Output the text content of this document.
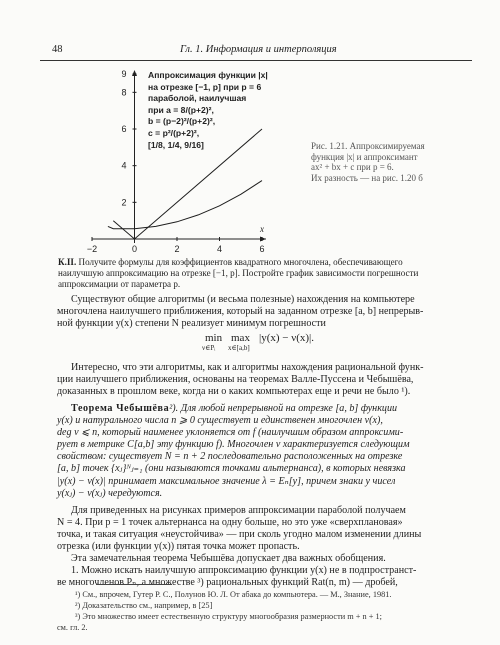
48	Гл. 1. Информация и интерполяция
−2	0	2	4	6
2
4
6
8
9
x
Аппроксимация функции |x|
на отрезке [−1, p] при p = 6
параболой, наилучшая
при a = 8/(p+2)²,
b = (p−2)²/(p+2)²,
c = p²/(p+2)²,
[1/8, 1/4, 9/16]	Рис. 1.21. Аппроксимируемая
функция |x| и аппроксимант
ax² + bx + c при p = 6.
Их разность — на рис. 1.20 б
К.II. Получите формулы для коэффициентов квадратного многочлена, обеспечивающего
наилучшую аппроксимацию на отрезке [−1, p]. Постройте график зависимости погрешности
аппроксимации от параметра p.
Существуют общие алгоритмы (и весьма полезные) нахождения на компьютере
многочлена наилучшего приближения, который на заданном отрезке [a, b] непрерыв-
ной функции y(x) степени N реализует минимум погрешности
min
ν∈Pᵢ
max
x∈[a,b]
|y(x) − ν(x)|.
Интересно, что эти алгоритмы, как и алгоритмы нахождения рациональной функ-
ции наилучшего приближения, основаны на теоремах Валле-Пуссена и Чебышёва,
доказанных в прошлом веке, когда ни о каких компьютерах еще и речи не было ¹).
Теорема Чебышёва²). Для любой непрерывной на отрезке [a, b] функции
y(x) и натурального числа n ⩾ 0 существует и единственен многочлен ν(x),
deg ν ⩽ n, который наименее уклоняется от f (наилучшим образом аппроксими-
рует в метрике C[a,b] эту функцию f). Многочлен ν характеризуется следующим
свойством: существует N = n + 2 последовательно расположенных на отрезке
[a, b] точек {xⱼ}ᴺⱼ₌₁ (они называются точками альтернанса), в которых невязка
|y(x) − ν(x)| принимает максимальное значение λ = Eₙ[y], причем знаки у чисел
y(xⱼ) − ν(xⱼ) чередуются.
Для приведенных на рисунках примеров аппроксимации параболой получаем
N = 4. При p = 1 точек альтернанса на одну больше, но это уже «сверхплановая»
точка, и такая ситуация «неустойчива» — при сколь угодно малом изменении длины
отрезка (или функции y(x)) пятая точка может пропасть.
Эта замечательная теорема Чебышёва допускает два важных обобщения.
1. Можно искать наилучшую аппроксимацию функции y(x) не в подпространст-
ве многочленов Pₙ, а множестве ³) рациональных функций Rat(n, m) — дробей,
¹) См., впрочем, Гутер Р. С., Полунов Ю. Л. От абака до компьютера. — М., Знание, 1981.
²) Доказательство см., например, в [25]
³) Это множество имеет естественную структуру многообразия размерности m + n + 1;
см. гл. 2.
